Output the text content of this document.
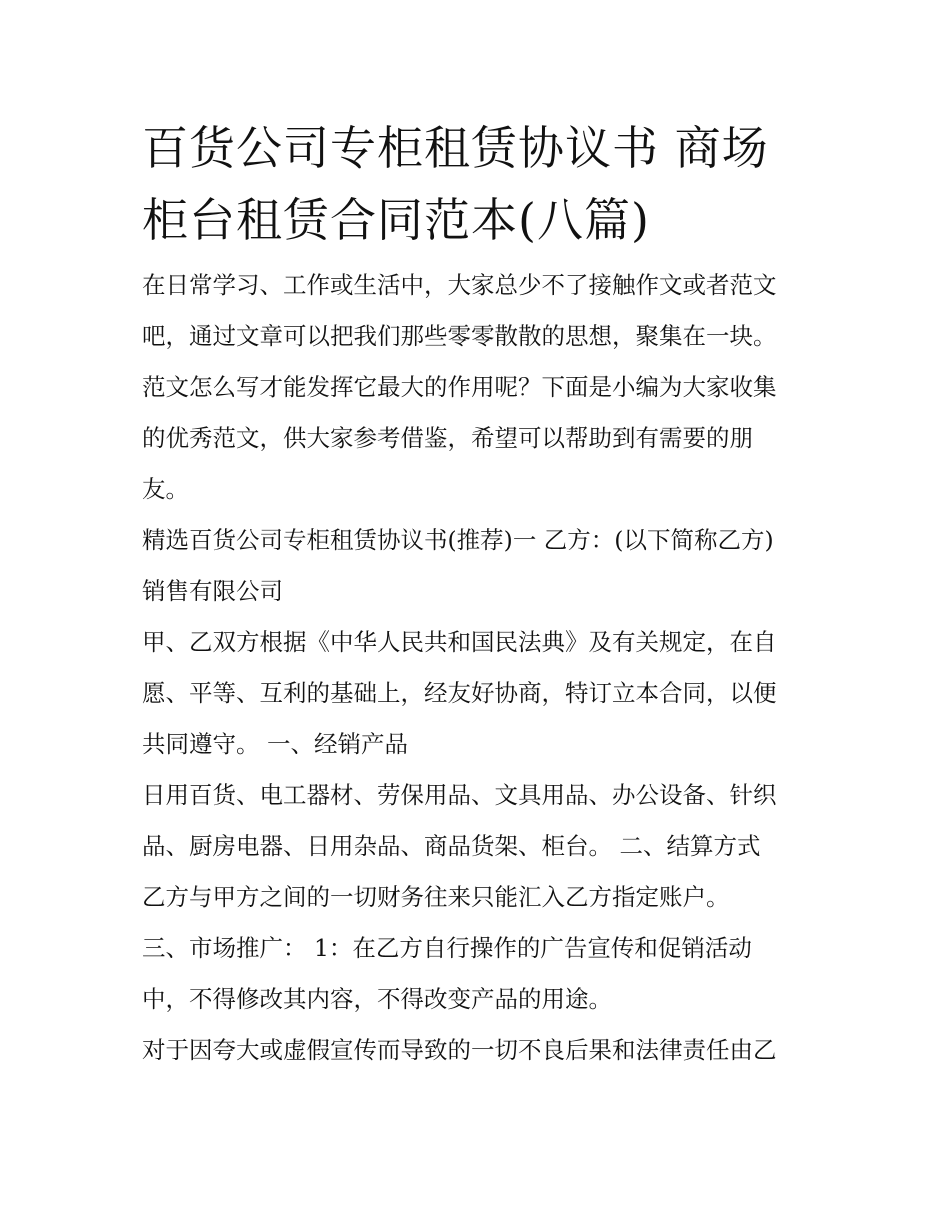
百货公司专柜租赁协议书 商场
柜台租赁合同范本(八篇)
在日常学习、工作或生活中，大家总少不了接触作文或者范文
吧，通过文章可以把我们那些零零散散的思想，聚集在一块。
范文怎么写才能发挥它最大的作用呢？下面是小编为大家收集
的优秀范文，供大家参考借鉴，希望可以帮助到有需要的朋
友。
精选百货公司专柜租赁协议书(推荐)一 乙方：(以下简称乙方)
销售有限公司
甲、乙双方根据《中华人民共和国民法典》及有关规定，在自
愿、平等、互利的基础上，经友好协商，特订立本合同，以便
共同遵守。 一、经销产品
日用百货、电工器材、劳保用品、文具用品、办公设备、针织
品、厨房电器、日用杂品、商品货架、柜台。 二、结算方式
乙方与甲方之间的一切财务往来只能汇入乙方指定账户。
三、市场推广： 1：在乙方自行操作的广告宣传和促销活动
中，不得修改其内容，不得改变产品的用途。
对于因夸大或虚假宣传而导致的一切不良后果和法律责任由乙
